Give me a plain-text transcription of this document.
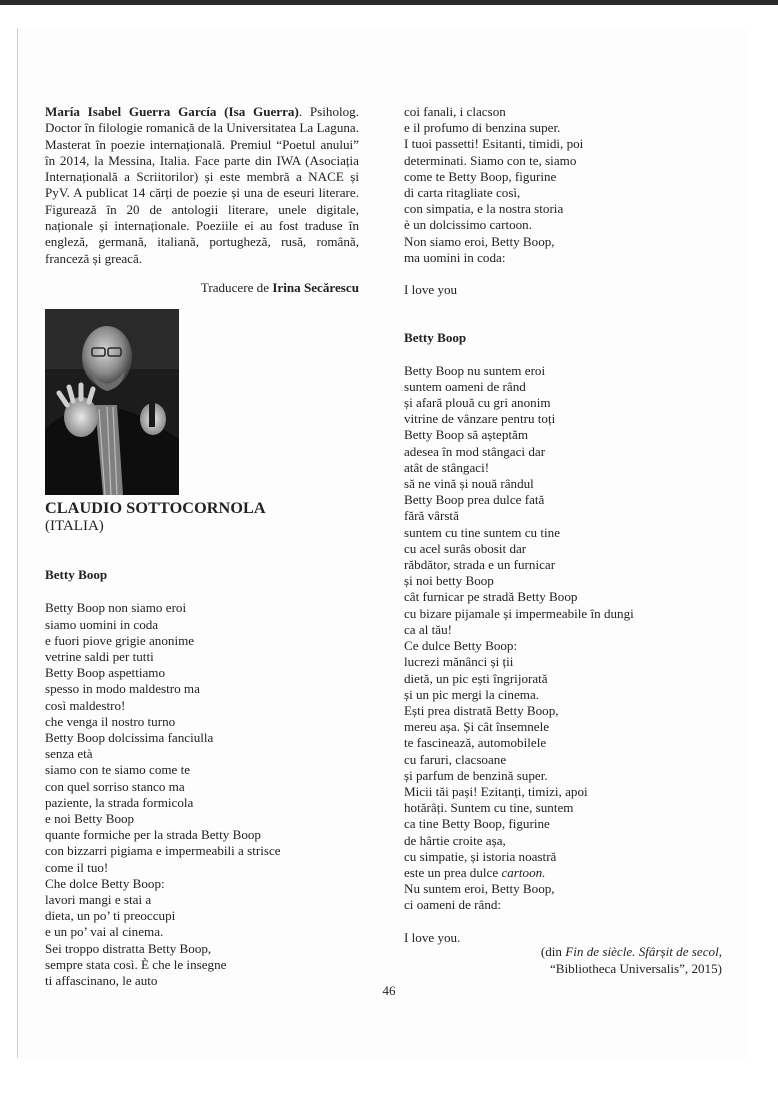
María Isabel Guerra García (Isa Guerra). Psiholog. Doctor în filologie romanică de la Universitatea La Laguna. Masterat în poezie internațională. Premiul “Poetul anului” în 2014, la Messina, Italia. Face parte din IWA (Asociația Internațională a Scriitorilor) și este membră a NACE și PyV. A publicat 14 cărți de poezie și una de eseuri literare. Figurează în 20 de antologii literare, unele digitale, naționale și internaționale. Poeziile ei au fost traduse în engleză, germană, italiană, portugheză, rusă, română, franceză și greacă.

Traducere de Irina Secărescu

CLAUDIO SOTTOCORNOLA
(ITALIA)
Betty Boop
Betty Boop non siamo eroi
siamo uomini in coda
e fuori piove grigie anonime
vetrine saldi per tutti
Betty Boop aspettiamo
spesso in modo maldestro ma
così maldestro!
che venga il nostro turno
Betty Boop dolcissima fanciulla
senza età
siamo con te siamo come te
con quel sorriso stanco ma
paziente, la strada formicola
e noi Betty Boop
quante formiche per la strada Betty Boop
con bizzarri pigiama e impermeabili a strisce
come il tuo!
Che dolce Betty Boop:
lavori mangi e stai a
dieta, un po’ ti preoccupi
e un po’ vai al cinema.
Sei troppo distratta Betty Boop,
sempre stata così. È che le insegne
ti affascinano, le auto
coi fanali, i clacson
e il profumo di benzina super.
I tuoi passetti! Esitanti, timidi, poi
determinati. Siamo con te, siamo
come te Betty Boop, figurine
di carta ritagliate così,
con simpatia, e la nostra storia
è un dolcissimo cartoon.
Non siamo eroi, Betty Boop,
ma uomini in coda:

I love you
Betty Boop
Betty Boop nu suntem eroi
suntem oameni de rând
și afară plouă cu gri anonim
vitrine de vânzare pentru toți
Betty Boop să așteptăm
adesea în mod stângaci dar
atât de stângaci!
să ne vină și nouă rândul
Betty Boop prea dulce fată
fără vârstă
suntem cu tine suntem cu tine
cu acel surâs obosit dar
răbdător, strada e un furnicar
și noi betty Boop
cât furnicar pe stradă Betty Boop
cu bizare pijamale și impermeabile în dungi
ca al tău!
Ce dulce Betty Boop:
lucrezi mănânci și ții
dietă, un pic ești îngrijorată
și un pic mergi la cinema.
Ești prea distrată Betty Boop,
mereu așa. Și cât însemnele
te fascinează, automobilele
cu faruri, clacsoane
și parfum de benzină super.
Micii tăi pași! Ezitanți, timizi, apoi
hotărâți. Suntem cu tine, suntem
ca tine Betty Boop, figurine
de hârtie croite așa,
cu simpatie, și istoria noastră
este un prea dulce cartoon.
Nu suntem eroi, Betty Boop,
ci oameni de rând:

I love you.
(din Fin de siècle. Sfârșit de secol,
“Bibliotheca Universalis”, 2015)
46
